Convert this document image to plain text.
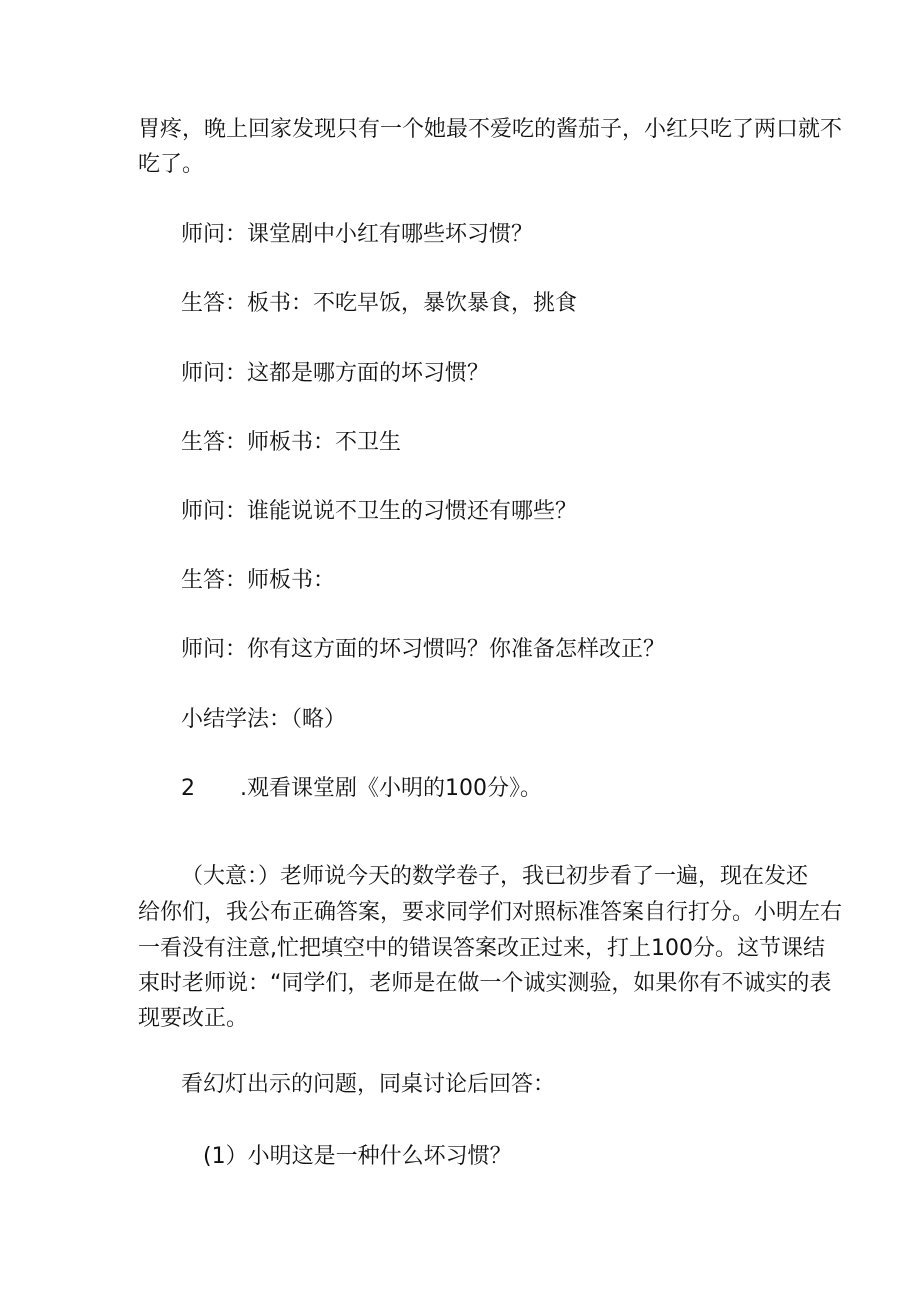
胃疼，晚上回家发现只有一个她最不爱吃的酱茄子，小红只吃了两口就不
吃了。
师问：课堂剧中小红有哪些坏习惯？
生答：板书：不吃早饭，暴饮暴食，挑食
师问：这都是哪方面的坏习惯？
生答：师板书：不卫生
师问：谁能说说不卫生的习惯还有哪些？
生答：师板书：
师问：你有这方面的坏习惯吗？你准备怎样改正？
小结学法：（略）
2 .观看课堂剧《小明的100分》。
（大意：）老师说今天的数学卷子，我已初步看了一遍，现在发还
给你们，我公布正确答案，要求同学们对照标准答案自行打分。小明左右
一看没有注意,忙把填空中的错误答案改正过来，打上100分。这节课结
束时老师说：“同学们，老师是在做一个诚实测验，如果你有不诚实的表
现要改正。
看幻灯出示的问题，同桌讨论后回答：
(1）小明这是一种什么坏习惯？
